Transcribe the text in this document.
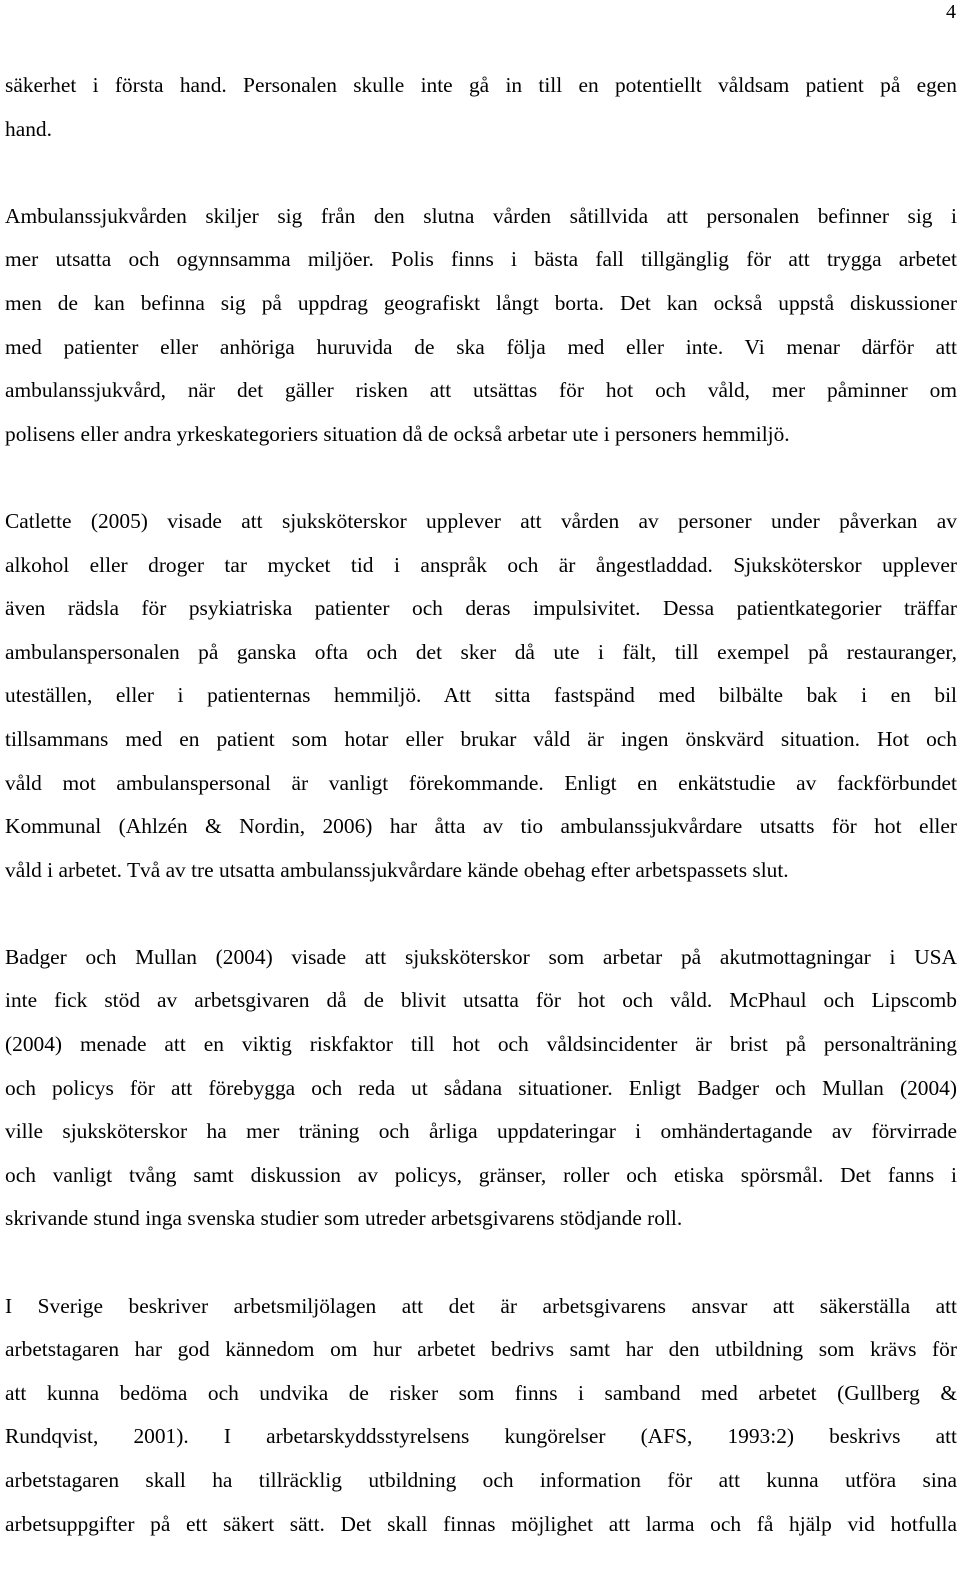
4

säkerhet i första hand. Personalen skulle inte gå in till en potentiellt våldsam patient på egen
hand.

Ambulanssjukvården skiljer sig från den slutna vården såtillvida att personalen befinner sig i
mer utsatta och ogynnsamma miljöer. Polis finns i bästa fall tillgänglig för att trygga arbetet
men de kan befinna sig på uppdrag geografiskt långt borta. Det kan också uppstå diskussioner
med patienter eller anhöriga huruvida de ska följa med eller inte. Vi menar därför att
ambulanssjukvård, när det gäller risken att utsättas för hot och våld, mer påminner om
polisens eller andra yrkeskategoriers situation då de också arbetar ute i personers hemmiljö.

Catlette (2005) visade att sjuksköterskor upplever att vården av personer under påverkan av
alkohol eller droger tar mycket tid i anspråk och är ångestladdad. Sjuksköterskor upplever
även rädsla för psykiatriska patienter och deras impulsivitet. Dessa patientkategorier träffar
ambulanspersonalen på ganska ofta och det sker då ute i fält, till exempel på restauranger,
uteställen, eller i patienternas hemmiljö. Att sitta fastspänd med bilbälte bak i en bil
tillsammans med en patient som hotar eller brukar våld är ingen önskvärd situation. Hot och
våld mot ambulanspersonal är vanligt förekommande. Enligt en enkätstudie av fackförbundet
Kommunal (Ahlzén & Nordin, 2006) har åtta av tio ambulanssjukvårdare utsatts för hot eller
våld i arbetet. Två av tre utsatta ambulanssjukvårdare kände obehag efter arbetspassets slut.

Badger och Mullan (2004) visade att sjuksköterskor som arbetar på akutmottagningar i USA
inte fick stöd av arbetsgivaren då de blivit utsatta för hot och våld. McPhaul och Lipscomb
(2004) menade att en viktig riskfaktor till hot och våldsincidenter är brist på personalträning
och policys för att förebygga och reda ut sådana situationer. Enligt Badger och Mullan (2004)
ville sjuksköterskor ha mer träning och årliga uppdateringar i omhändertagande av förvirrade
och vanligt tvång samt diskussion av policys, gränser, roller och etiska spörsmål. Det fanns i
skrivande stund inga svenska studier som utreder arbetsgivarens stödjande roll.

I Sverige beskriver arbetsmiljölagen att det är arbetsgivarens ansvar att säkerställa att
arbetstagaren har god kännedom om hur arbetet bedrivs samt har den utbildning som krävs för
att kunna bedöma och undvika de risker som finns i samband med arbetet (Gullberg &
Rundqvist, 2001). I arbetarskyddsstyrelsens kungörelser (AFS, 1993:2) beskrivs att
arbetstagaren skall ha tillräcklig utbildning och information för att kunna utföra sina
arbetsuppgifter på ett säkert sätt. Det skall finnas möjlighet att larma och få hjälp vid hotfulla
